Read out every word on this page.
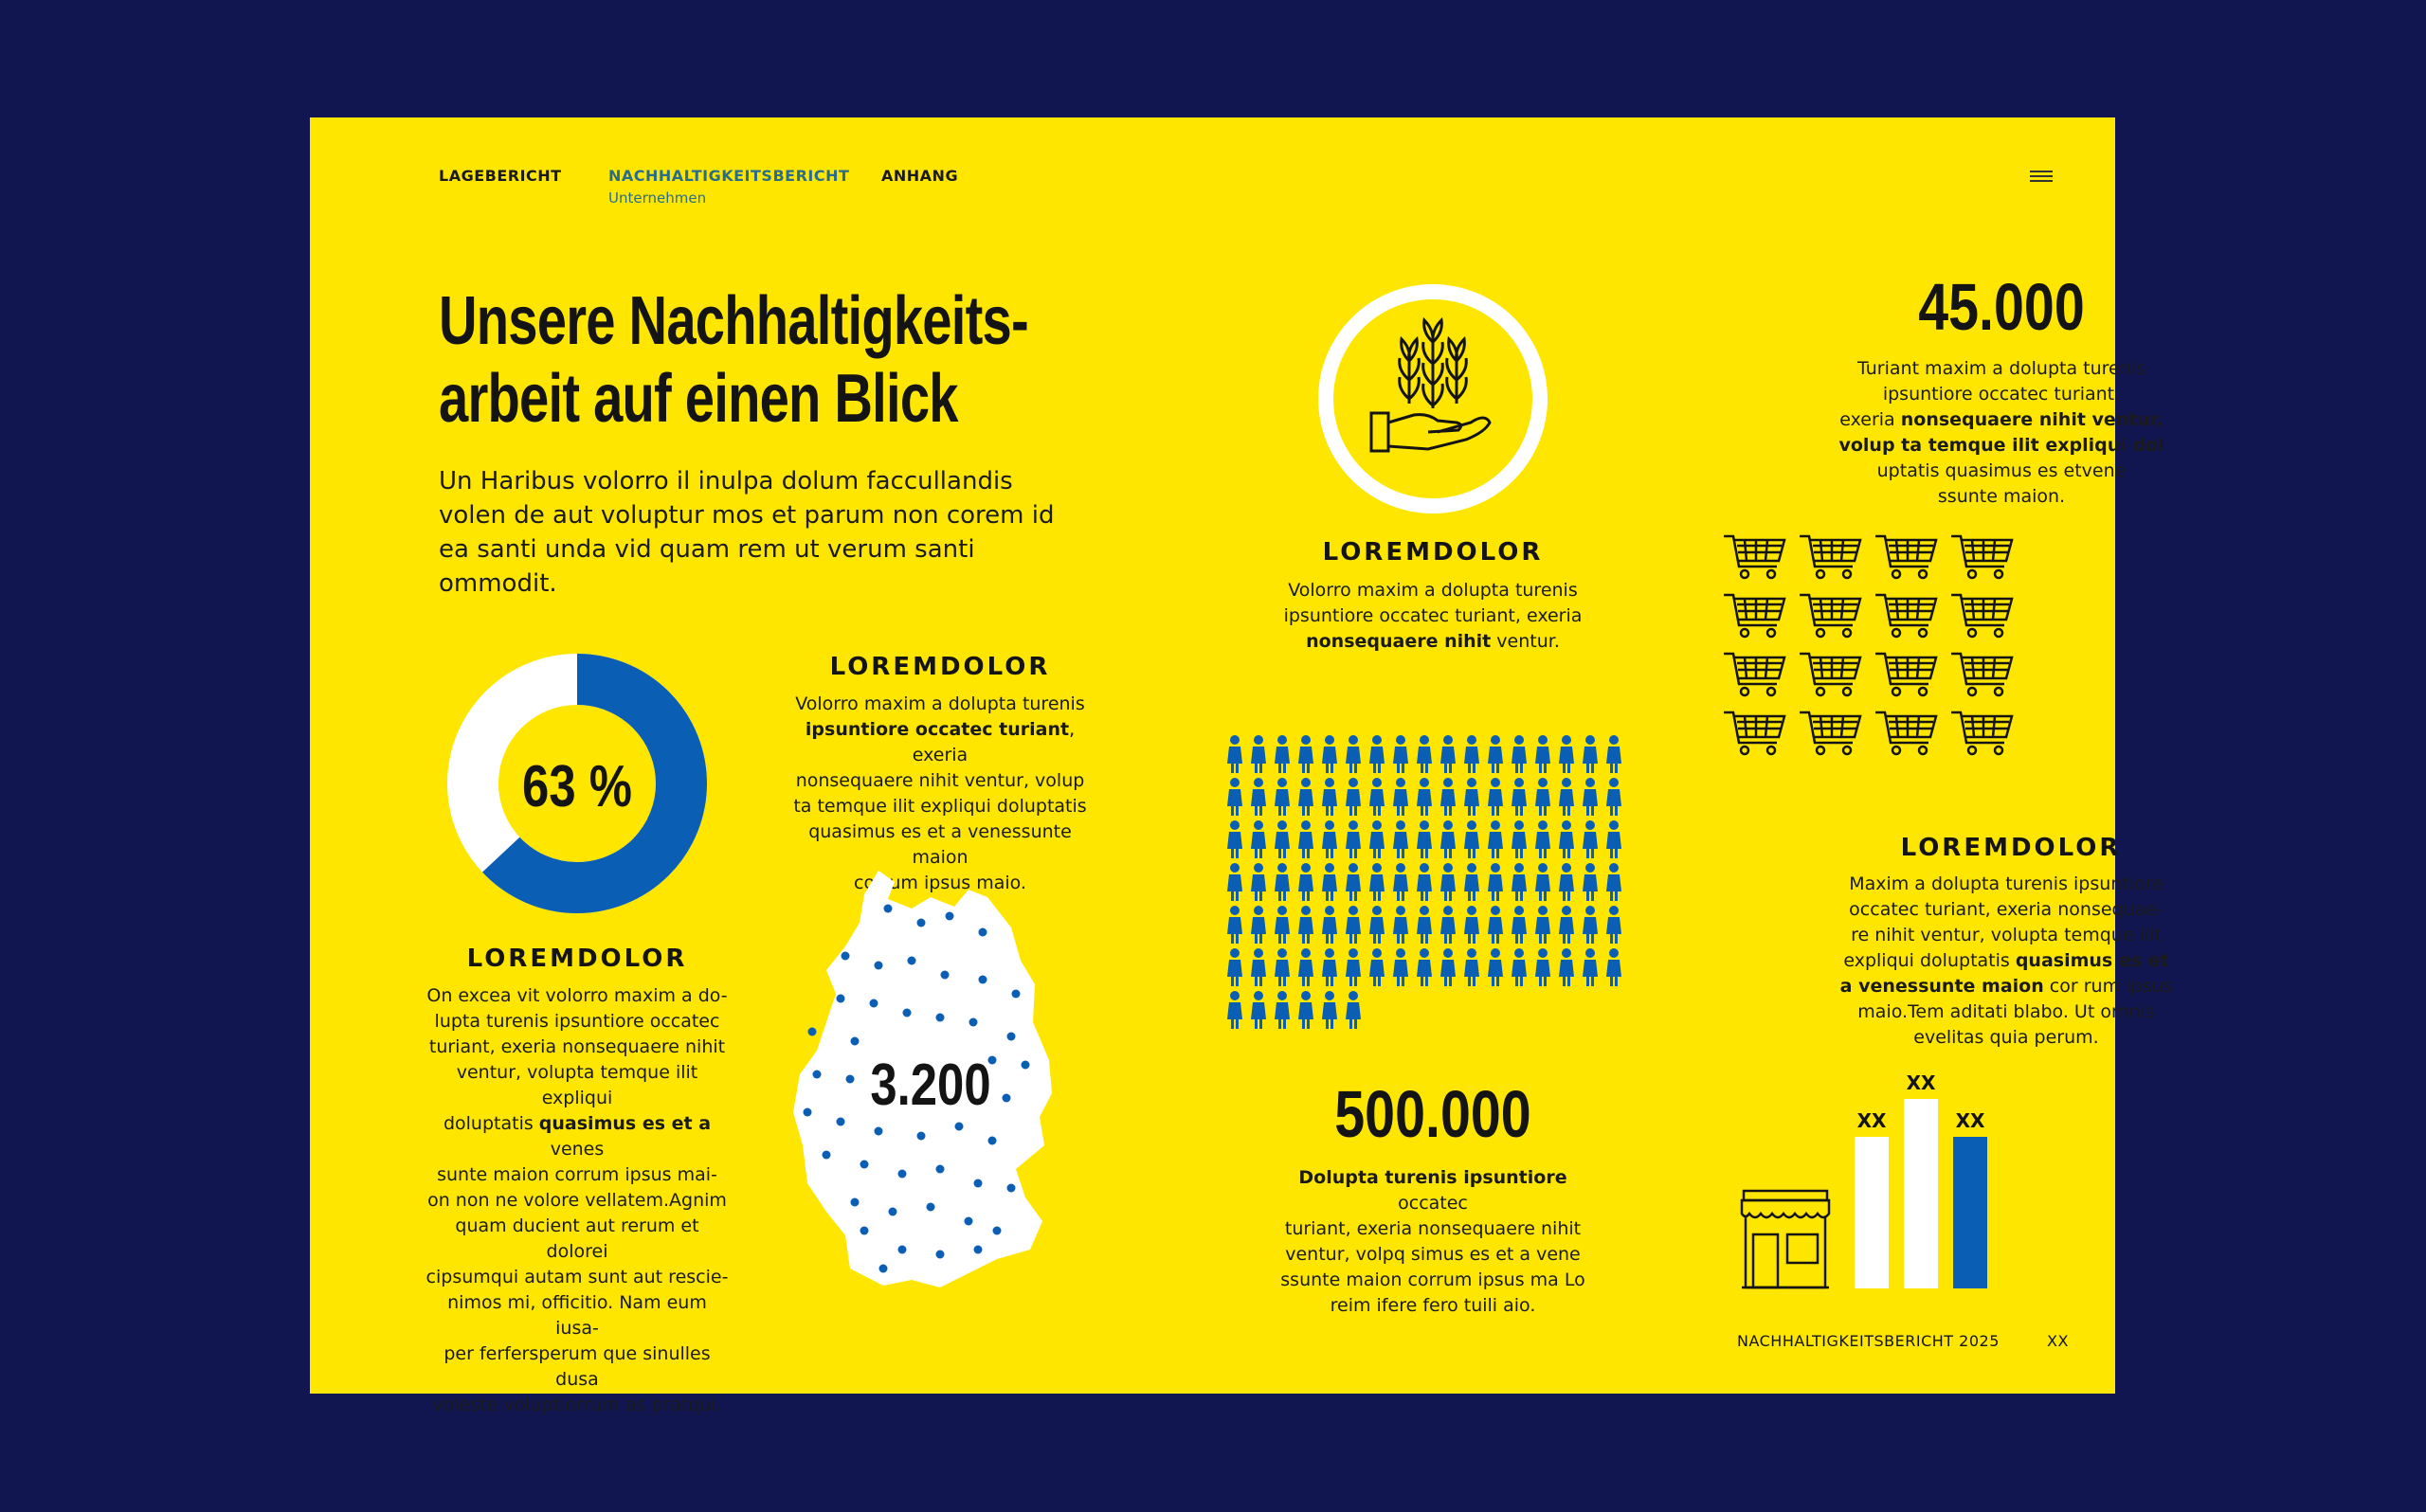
LAGEBERICHT	NACHHALTIGKEITSBERICHT
Unternehmen
ANHANG
Unsere Nachhaltigkeits-
arbeit auf einen Blick
Un Haribus volorro il inulpa dolum faccullandis volen de aut voluptur mos et parum non corem id ea santi unda vid quam rem ut verum santi ommodit.
63 %
LOREMDOLOR
On excea vit volorro maxim a do-
lupta turenis ipsuntiore occatec
turiant, exeria nonsequaere nihit
ventur, volupta temque ilit expliqui
doluptatis quasimus es et a venes
sunte maion corrum ipsus mai-
on non ne volore vellatem.Agnim
quam ducient aut rerum et dolorei
cipsumqui autam sunt aut rescie-
nimos mi, officitio. Nam eum iusa-
per ferfersperum que sinulles dusa
voleste voluptiorrum as pratqui.
LOREMDOLOR
Volorro maxim a dolupta turenis
ipsuntiore occatec turiant, exeria
nonsequaere nihit ventur, volup
ta temque ilit expliqui doluptatis
quasimus es et a venessunte maion
corrum ipsus maio.
3.200
LOREMDOLOR
Volorro maxim a dolupta turenis
ipsuntiore occatec turiant, exeria
nonsequaere nihit ventur.
500.000
Dolupta turenis ipsuntiore occatec
turiant, exeria nonsequaere nihit
ventur, volpq simus es et a vene
ssunte maion corrum ipsus ma Lo
reim ifere fero tuili aio.
45.000
Turiant maxim a dolupta turenis
ipsuntiore occatec turiant,
exeria nonsequaere nihit ventur,
volup ta temque ilit expliqui dol
uptatis quasimus es etvene
ssunte maion.
LOREMDOLOR
Maxim a dolupta turenis ipsuntiore
occatec turiant, exeria nonsequae-
re nihit ventur, volupta temque ilit
expliqui doluptatis quasimus es et
a venessunte maion cor rum ipsus
maio.Tem aditati blabo. Ut omnis
evelitas quia perum.
XX
XX
XX
NACHHALTIGKEITSBERICHT 2025	XX
